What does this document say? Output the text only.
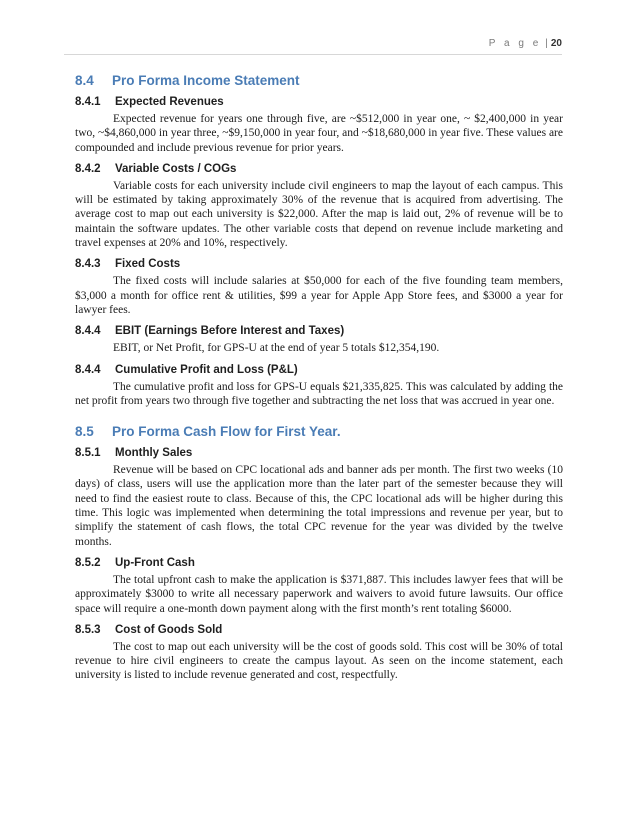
P a g e | 20
8.4	Pro Forma Income Statement
8.4.1	Expected Revenues

Expected revenue for years one through five, are ~$512,000 in year one, ~ $2,400,000 in year two, ~$4,860,000 in year three, ~$9,150,000 in year four, and ~$18,680,000 in year five. These values are compounded and include previous revenue for prior years.

8.4.2	Variable Costs / COGs

Variable costs for each university include civil engineers to map the layout of each campus. This will be estimated by taking approximately 30% of the revenue that is acquired from advertising. The average cost to map out each university is $22,000. After the map is laid out, 2% of revenue will be to maintain the software updates. The other variable costs that depend on revenue include marketing and travel expenses at 20% and 10%, respectively.

8.4.3	Fixed Costs

The fixed costs will include salaries at $50,000 for each of the five founding team members, $3,000 a month for office rent & utilities, $99 a year for Apple App Store fees, and $3000 a year for lawyer fees.

8.4.4	EBIT (Earnings Before Interest and Taxes)

EBIT, or Net Profit, for GPS-U at the end of year 5 totals $12,354,190.

8.4.4	Cumulative Profit and Loss (P&L)

The cumulative profit and loss for GPS-U equals $21,335,825. This was calculated by adding the net profit from years two through five together and subtracting the net loss that was accrued in year one.

8.5	Pro Forma Cash Flow for First Year.
8.5.1	Monthly Sales

Revenue will be based on CPC locational ads and banner ads per month. The first two weeks (10 days) of class, users will use the application more than the later part of the semester because they will need to find the easiest route to class. Because of this, the CPC locational ads will be higher during this time. This logic was implemented when determining the total impressions and revenue per year, but to simplify the statement of cash flows, the total CPC revenue for the year was divided by the twelve months.

8.5.2	Up-Front Cash

The total upfront cash to make the application is $371,887. This includes lawyer fees that will be approximately $3000 to write all necessary paperwork and waivers to avoid future lawsuits. Our office space will require a one-month down payment along with the first month’s rent totaling $6000.

8.5.3	Cost of Goods Sold

The cost to map out each university will be the cost of goods sold. This cost will be 30% of total revenue to hire civil engineers to create the campus layout. As seen on the income statement, each university is listed to include revenue generated and cost, respectfully.
